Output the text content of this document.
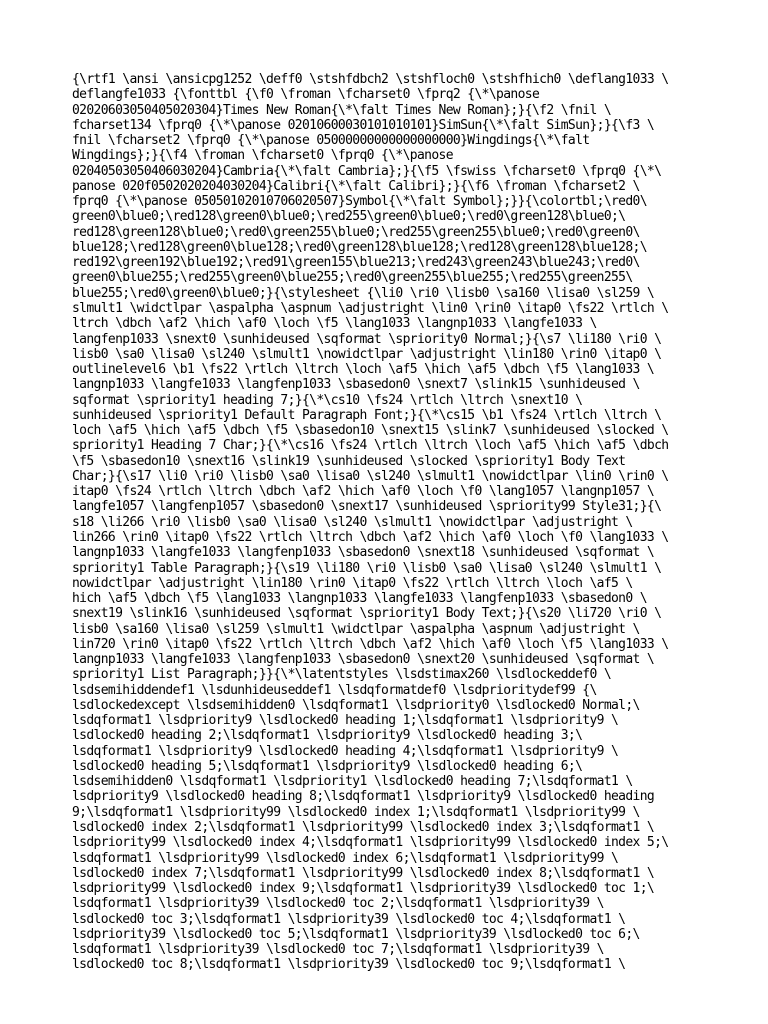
{\rtf1 \ansi \ansicpg1252 \deff0 \stshfdbch2 \stshfloch0 \stshfhich0 \deflang1033 \
deflangfe1033 {\fonttbl {\f0 \froman \fcharset0 \fprq2 {\*\panose
02020603050405020304}Times New Roman{\*\falt Times New Roman};}{\f2 \fnil \
fcharset134 \fprq0 {\*\panose 02010600030101010101}SimSun{\*\falt SimSun};}{\f3 \
fnil \fcharset2 \fprq0 {\*\panose 05000000000000000000}Wingdings{\*\falt
Wingdings};}{\f4 \froman \fcharset0 \fprq0 {\*\panose
02040503050406030204}Cambria{\*\falt Cambria};}{\f5 \fswiss \fcharset0 \fprq0 {\*\
panose 020f0502020204030204}Calibri{\*\falt Calibri};}{\f6 \froman \fcharset2 \
fprq0 {\*\panose 05050102010706020507}Symbol{\*\falt Symbol};}}{\colortbl;\red0\
green0\blue0;\red128\green0\blue0;\red255\green0\blue0;\red0\green128\blue0;\
red128\green128\blue0;\red0\green255\blue0;\red255\green255\blue0;\red0\green0\
blue128;\red128\green0\blue128;\red0\green128\blue128;\red128\green128\blue128;\
red192\green192\blue192;\red91\green155\blue213;\red243\green243\blue243;\red0\
green0\blue255;\red255\green0\blue255;\red0\green255\blue255;\red255\green255\
blue255;\red0\green0\blue0;}{\stylesheet {\li0 \ri0 \lisb0 \sa160 \lisa0 \sl259 \
slmult1 \widctlpar \aspalpha \aspnum \adjustright \lin0 \rin0 \itap0 \fs22 \rtlch \
ltrch \dbch \af2 \hich \af0 \loch \f5 \lang1033 \langnp1033 \langfe1033 \
langfenp1033 \snext0 \sunhideused \sqformat \spriority0 Normal;}{\s7 \li180 \ri0 \
lisb0 \sa0 \lisa0 \sl240 \slmult1 \nowidctlpar \adjustright \lin180 \rin0 \itap0 \
outlinelevel6 \b1 \fs22 \rtlch \ltrch \loch \af5 \hich \af5 \dbch \f5 \lang1033 \
langnp1033 \langfe1033 \langfenp1033 \sbasedon0 \snext7 \slink15 \sunhideused \
sqformat \spriority1 heading 7;}{\*\cs10 \fs24 \rtlch \ltrch \snext10 \
sunhideused \spriority1 Default Paragraph Font;}{\*\cs15 \b1 \fs24 \rtlch \ltrch \
loch \af5 \hich \af5 \dbch \f5 \sbasedon10 \snext15 \slink7 \sunhideused \slocked \
spriority1 Heading 7 Char;}{\*\cs16 \fs24 \rtlch \ltrch \loch \af5 \hich \af5 \dbch
\f5 \sbasedon10 \snext16 \slink19 \sunhideused \slocked \spriority1 Body Text
Char;}{\s17 \li0 \ri0 \lisb0 \sa0 \lisa0 \sl240 \slmult1 \nowidctlpar \lin0 \rin0 \
itap0 \fs24 \rtlch \ltrch \dbch \af2 \hich \af0 \loch \f0 \lang1057 \langnp1057 \
langfe1057 \langfenp1057 \sbasedon0 \snext17 \sunhideused \spriority99 Style31;}{\
s18 \li266 \ri0 \lisb0 \sa0 \lisa0 \sl240 \slmult1 \nowidctlpar \adjustright \
lin266 \rin0 \itap0 \fs22 \rtlch \ltrch \dbch \af2 \hich \af0 \loch \f0 \lang1033 \
langnp1033 \langfe1033 \langfenp1033 \sbasedon0 \snext18 \sunhideused \sqformat \
spriority1 Table Paragraph;}{\s19 \li180 \ri0 \lisb0 \sa0 \lisa0 \sl240 \slmult1 \
nowidctlpar \adjustright \lin180 \rin0 \itap0 \fs22 \rtlch \ltrch \loch \af5 \
hich \af5 \dbch \f5 \lang1033 \langnp1033 \langfe1033 \langfenp1033 \sbasedon0 \
snext19 \slink16 \sunhideused \sqformat \spriority1 Body Text;}{\s20 \li720 \ri0 \
lisb0 \sa160 \lisa0 \sl259 \slmult1 \widctlpar \aspalpha \aspnum \adjustright \
lin720 \rin0 \itap0 \fs22 \rtlch \ltrch \dbch \af2 \hich \af0 \loch \f5 \lang1033 \
langnp1033 \langfe1033 \langfenp1033 \sbasedon0 \snext20 \sunhideused \sqformat \
spriority1 List Paragraph;}}{\*\latentstyles \lsdstimax260 \lsdlockeddef0 \
lsdsemihiddendef1 \lsdunhideuseddef1 \lsdqformatdef0 \lsdprioritydef99 {\
lsdlockedexcept \lsdsemihidden0 \lsdqformat1 \lsdpriority0 \lsdlocked0 Normal;\
lsdqformat1 \lsdpriority9 \lsdlocked0 heading 1;\lsdqformat1 \lsdpriority9 \
lsdlocked0 heading 2;\lsdqformat1 \lsdpriority9 \lsdlocked0 heading 3;\
lsdqformat1 \lsdpriority9 \lsdlocked0 heading 4;\lsdqformat1 \lsdpriority9 \
lsdlocked0 heading 5;\lsdqformat1 \lsdpriority9 \lsdlocked0 heading 6;\
lsdsemihidden0 \lsdqformat1 \lsdpriority1 \lsdlocked0 heading 7;\lsdqformat1 \
lsdpriority9 \lsdlocked0 heading 8;\lsdqformat1 \lsdpriority9 \lsdlocked0 heading
9;\lsdqformat1 \lsdpriority99 \lsdlocked0 index 1;\lsdqformat1 \lsdpriority99 \
lsdlocked0 index 2;\lsdqformat1 \lsdpriority99 \lsdlocked0 index 3;\lsdqformat1 \
lsdpriority99 \lsdlocked0 index 4;\lsdqformat1 \lsdpriority99 \lsdlocked0 index 5;\
lsdqformat1 \lsdpriority99 \lsdlocked0 index 6;\lsdqformat1 \lsdpriority99 \
lsdlocked0 index 7;\lsdqformat1 \lsdpriority99 \lsdlocked0 index 8;\lsdqformat1 \
lsdpriority99 \lsdlocked0 index 9;\lsdqformat1 \lsdpriority39 \lsdlocked0 toc 1;\
lsdqformat1 \lsdpriority39 \lsdlocked0 toc 2;\lsdqformat1 \lsdpriority39 \
lsdlocked0 toc 3;\lsdqformat1 \lsdpriority39 \lsdlocked0 toc 4;\lsdqformat1 \
lsdpriority39 \lsdlocked0 toc 5;\lsdqformat1 \lsdpriority39 \lsdlocked0 toc 6;\
lsdqformat1 \lsdpriority39 \lsdlocked0 toc 7;\lsdqformat1 \lsdpriority39 \
lsdlocked0 toc 8;\lsdqformat1 \lsdpriority39 \lsdlocked0 toc 9;\lsdqformat1 \
